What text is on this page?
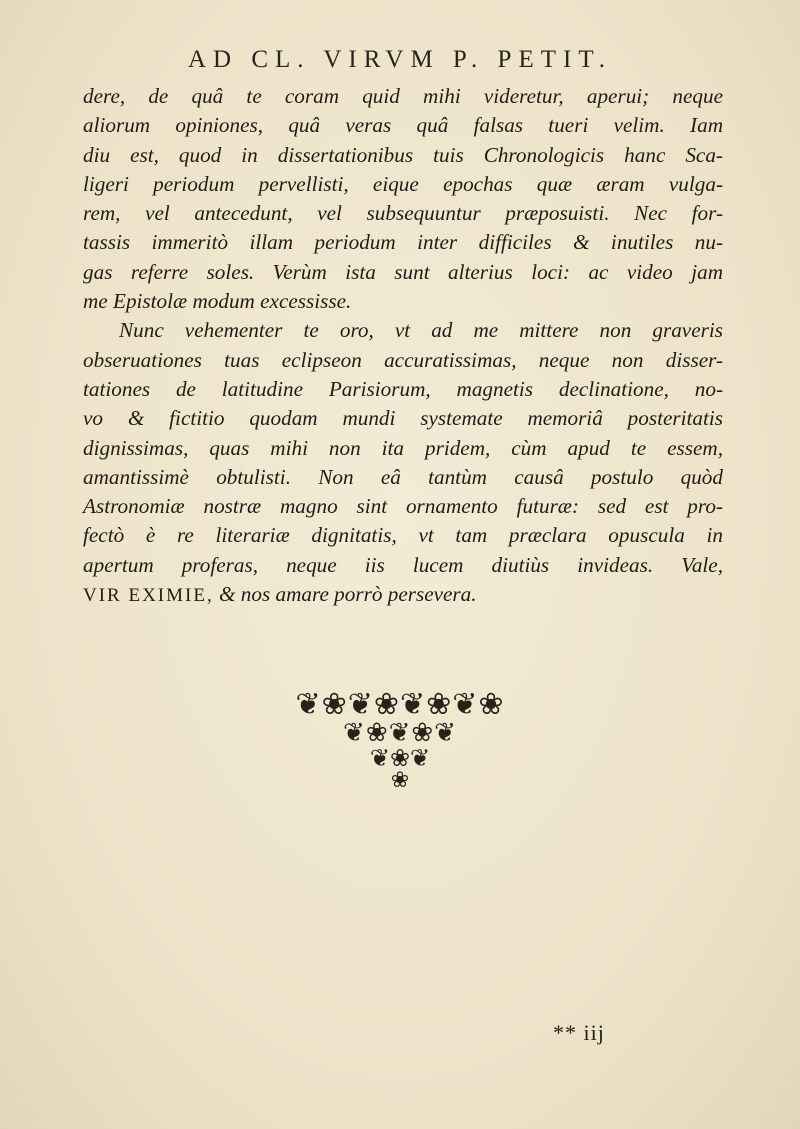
AD CL. VIRVM P. PETIT.
dere, de quâ te coram quid mihi videretur, aperui; neque
aliorum opiniones, quâ veras quâ falsas tueri velim. Iam
diu est, quod in dissertationibus tuis Chronologicis hanc Sca-
ligeri periodum pervellisti, eique epochas quæ æram vulga-
rem, vel antecedunt, vel subsequuntur præposuisti. Nec for-
tassis immeritò illam periodum inter difficiles & inutiles nu-
gas referre soles. Verùm ista sunt alterius loci: ac video jam
me Epistolæ modum excessisse.
Nunc vehementer te oro, vt ad me mittere non graveris
obseruationes tuas eclipseon accuratissimas, neque non disser-
tationes de latitudine Parisiorum, magnetis declinatione, no-
vo & fictitio quodam mundi systemate memoriâ posteritatis
dignissimas, quas mihi non ita pridem, cùm apud te essem,
amantissimè obtulisti. Non eâ tantùm causâ postulo quòd
Astronomiæ nostræ magno sint ornamento futuræ: sed est pro-
fectò è re literariæ dignitatis, vt tam præclara opuscula in
apertum proferas, neque iis lucem diutiùs invideas. Vale,
VIR EXIMIE, & nos amare porrò persevera.
❦❀❦❀❦❀❦❀
❦❀❦❀❦
❦❀❦
❀
** iij
